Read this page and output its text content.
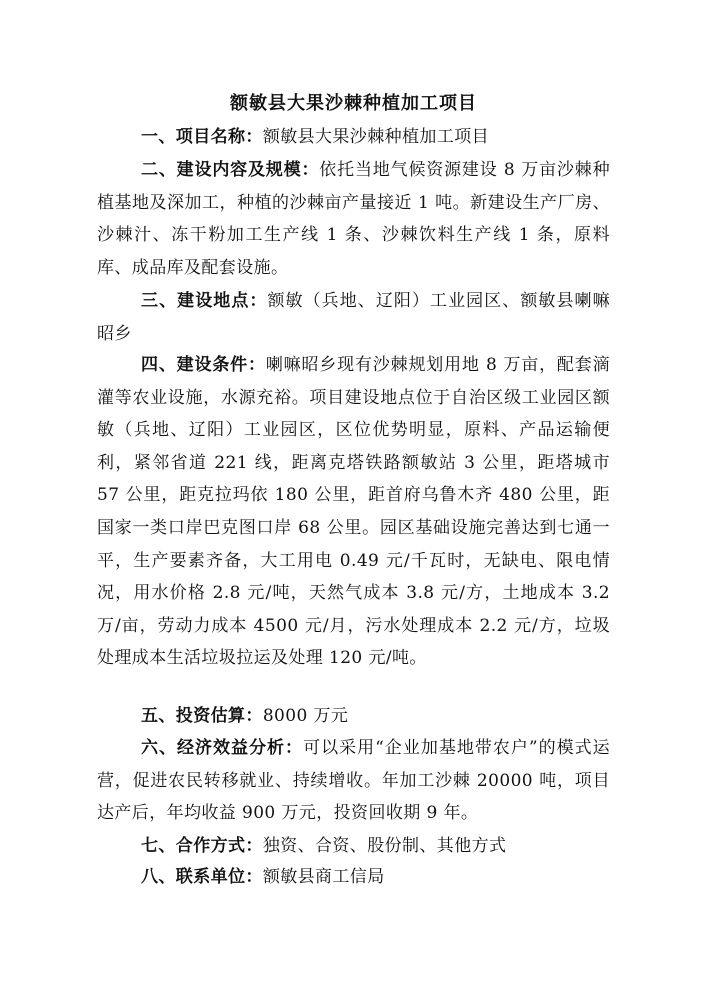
额敏县大果沙棘种植加工项目

一、项目名称：额敏县大果沙棘种植加工项目

二、建设内容及规模：依托当地气候资源建设 8 万亩沙棘种植基地及深加工，种植的沙棘亩产量接近 1 吨。新建设生产厂房、沙棘汁、冻干粉加工生产线 1 条、沙棘饮料生产线 1 条，原料库、成品库及配套设施。

三、建设地点：额敏（兵地、辽阳）工业园区、额敏县喇嘛昭乡

四、建设条件：喇嘛昭乡现有沙棘规划用地 8 万亩，配套滴灌等农业设施，水源充裕。项目建设地点位于自治区级工业园区额敏（兵地、辽阳）工业园区，区位优势明显，原料、产品运输便利，紧邻省道 221 线，距离克塔铁路额敏站 3 公里，距塔城市 57 公里，距克拉玛依 180 公里，距首府乌鲁木齐 480 公里，距国家一类口岸巴克图口岸 68 公里。园区基础设施完善达到七通一平，生产要素齐备，大工用电 0.49 元/千瓦时，无缺电、限电情况，用水价格 2.8 元/吨，天然气成本 3.8 元/方，土地成本 3.2 万/亩，劳动力成本 4500 元/月，污水处理成本 2.2 元/方，垃圾处理成本生活垃圾拉运及处理 120 元/吨。

五、投资估算：8000 万元

六、经济效益分析：可以采用“企业加基地带农户”的模式运营，促进农民转移就业、持续增收。年加工沙棘 20000 吨，项目达产后，年均收益 900 万元，投资回收期 9 年。

七、合作方式：独资、合资、股份制、其他方式

八、联系单位：额敏县商工信局
